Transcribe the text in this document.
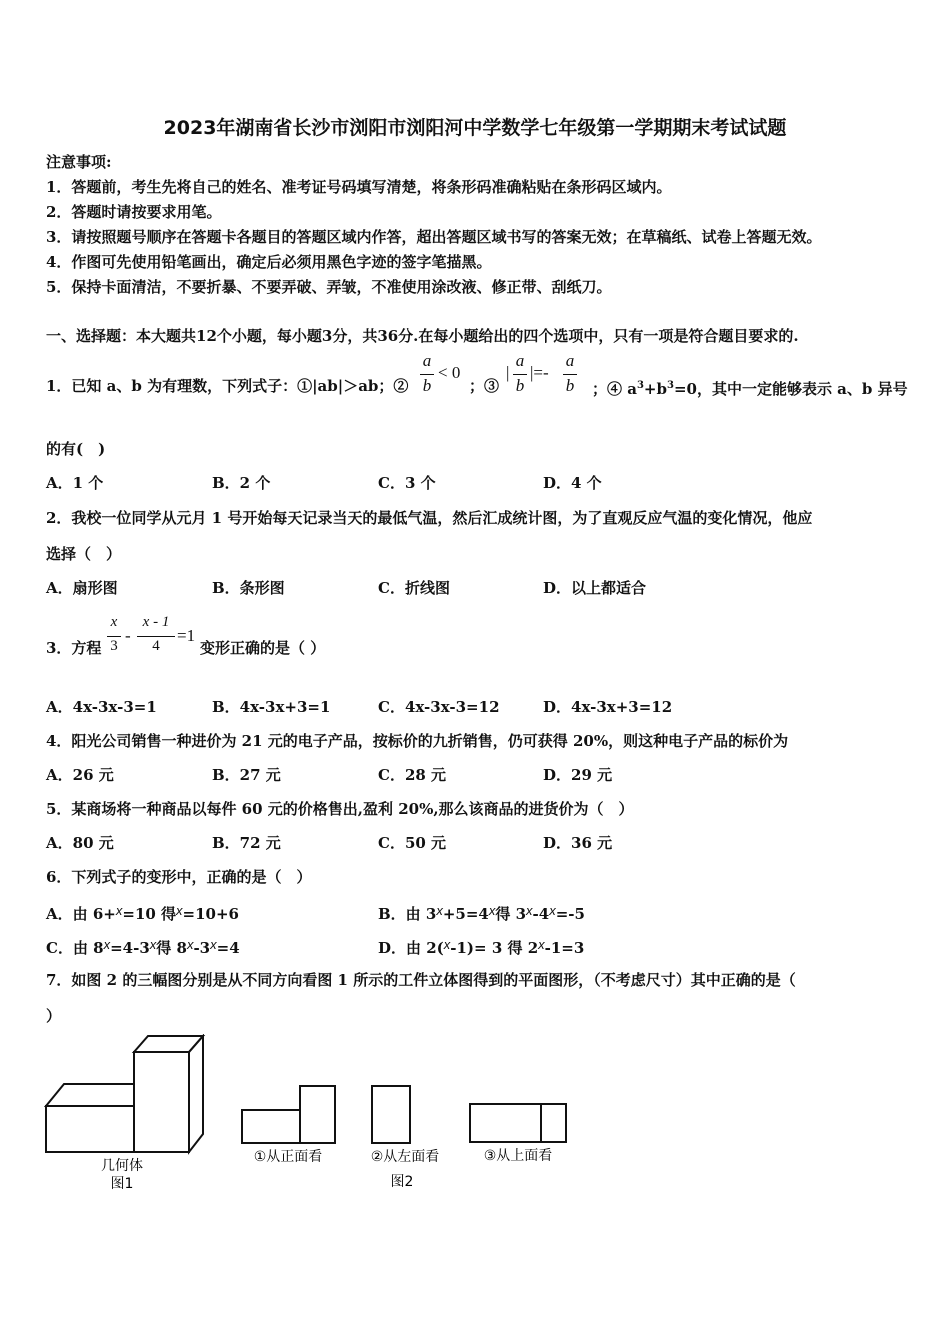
2023年湖南省长沙市浏阳市浏阳河中学数学七年级第一学期期末考试试题
注意事项:
1．答题前，考生先将自己的姓名、准考证号码填写清楚，将条形码准确粘贴在条形码区域内。
2．答题时请按要求用笔。
3．请按照题号顺序在答题卡各题目的答题区域内作答，超出答题区域书写的答案无效；在草稿纸、试卷上答题无效。
4．作图可先使用铅笔画出，确定后必须用黑色字迹的签字笔描黑。
5．保持卡面清洁，不要折暴、不要弄破、弄皱，不准使用涂改液、修正带、刮纸刀。
一、选择题：本大题共12个小题，每小题3分，共36分.在每小题给出的四个选项中，只有一项是符合题目要求的.
1．已知 a、b 为有理数，下列式子：①|ab|＞ab；②
a
b
< 0
；③
|
a
b
|=-
a
b	；④ $a^3+b^3=0$，其中一定能够表示 a、b 异号
的有(　)
A．1 个	B．2 个	C．3 个	D．4 个
2．我校一位同学从元月 1 号开始每天记录当天的最低气温，然后汇成统计图，为了直观反应气温的变化情况，他应
选择（　）
A．扇形图	B．条形图	C．折线图	D．以上都适合
3．方程
x
3
-
x - 1
4
=1
变形正确的是（ ）
A．4x-3x-3=1	B．4x-3x+3=1	C．4x-3x-3=12	D．4x-3x+3=12
4．阳光公司销售一种进价为 21 元的电子产品，按标价的九折销售，仍可获得 20%，则这种电子产品的标价为
A．26 元	B．27 元	C．28 元	D．29 元
5．某商场将一种商品以每件 60 元的价格售出,盈利 20%,那么该商品的进货价为（　）
A．80 元	B．72 元	C．50 元	D．36 元
6．下列式子的变形中，正确的是（　）
A．由 6+x=10 得x=10+6	B．由 3x+5=4x得 3x-4x=-5
C．由 8x=4-3x得 8x-3x=4	D．由 2(x-1)= 3 得 2x-1=3
7．如图 2 的三幅图分别是从不同方向看图 1 所示的工件立体图得到的平面图形，（不考虑尺寸）其中正确的是（
）
几何体
图1
①从正面看	②从左面看	③从上面看
图2
